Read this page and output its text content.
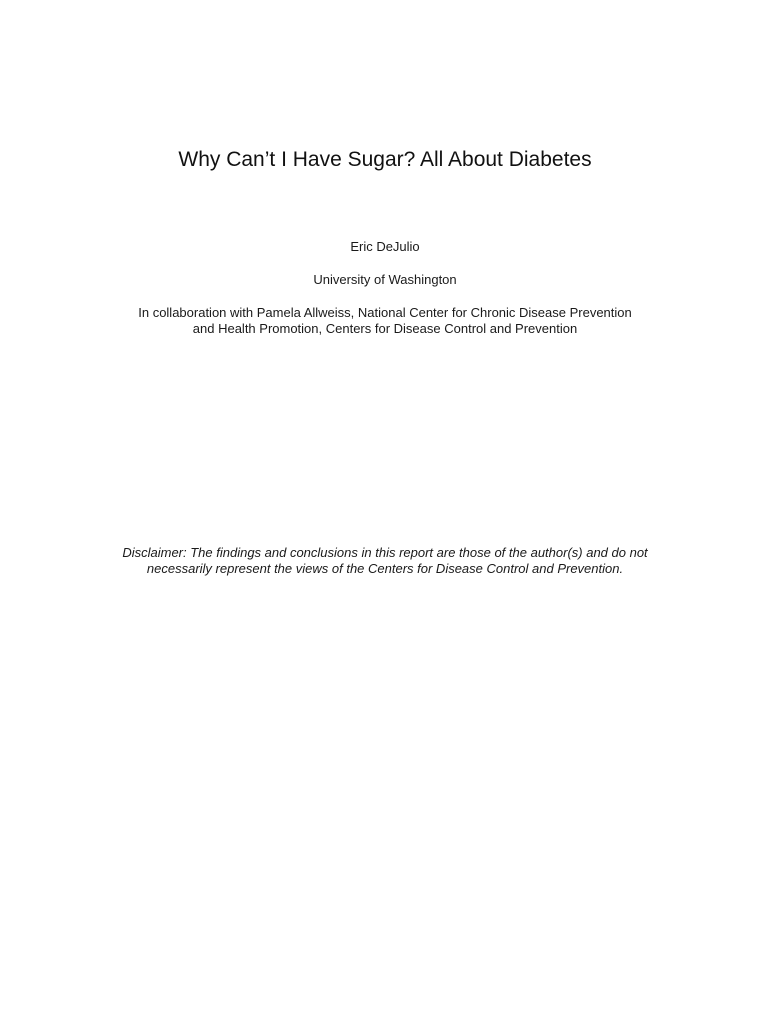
Why Can’t I Have Sugar? All About Diabetes
Eric DeJulio
University of Washington
In collaboration with Pamela Allweiss, National Center for Chronic Disease Prevention
and Health Promotion, Centers for Disease Control and Prevention
Disclaimer: The findings and conclusions in this report are those of the author(s) and do not
necessarily represent the views of the Centers for Disease Control and Prevention.
